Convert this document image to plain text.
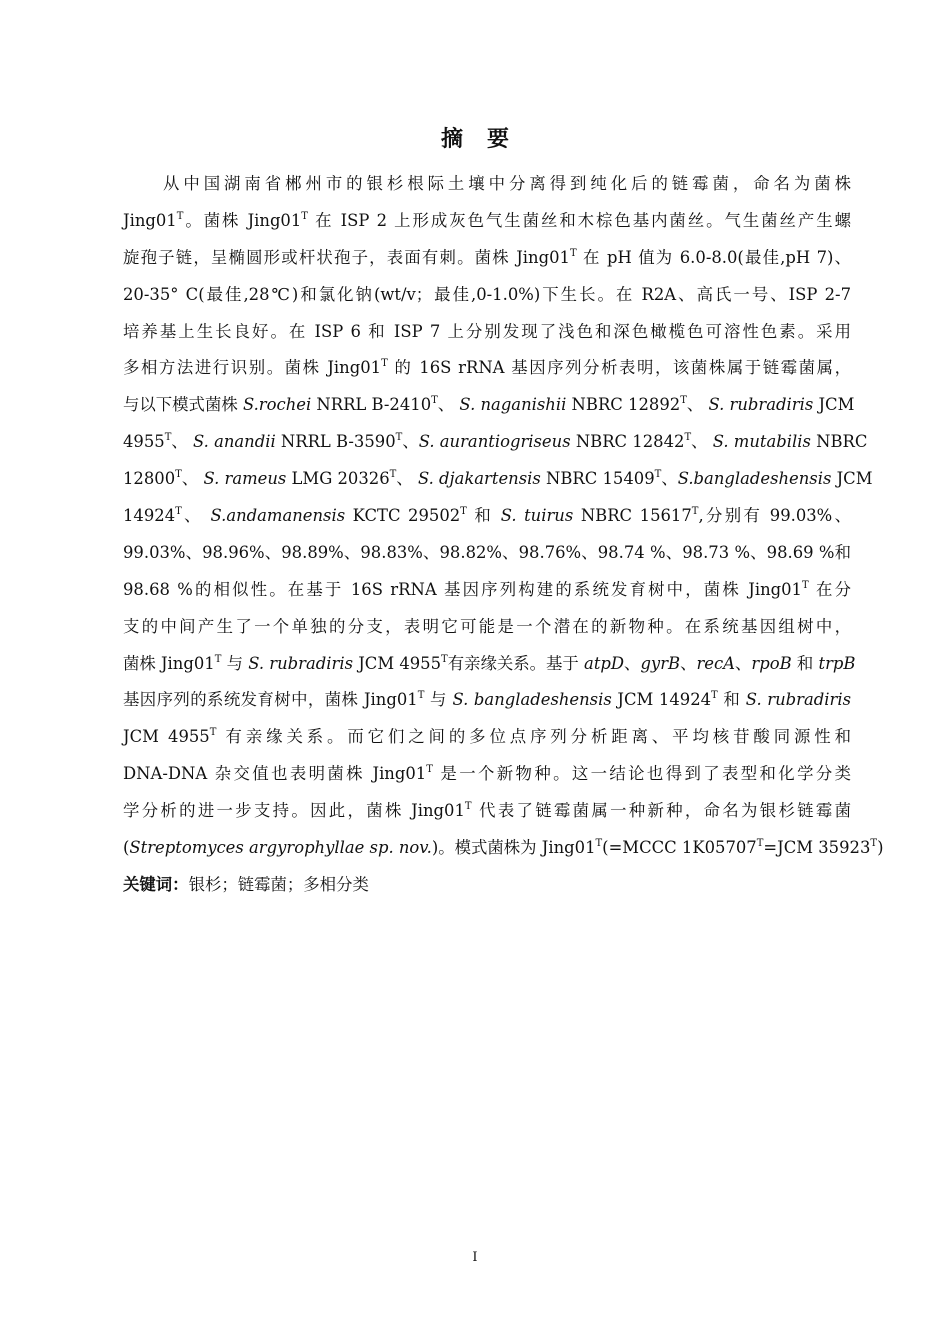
摘 要
从中国湖南省郴州市的银杉根际土壤中分离得到纯化后的链霉菌，命名为菌株
$Jing01^T$。菌株 $Jing01^T$ 在 ISP 2 上形成灰色气生菌丝和木棕色基内菌丝。气生菌丝产生螺
旋孢子链，呈椭圆形或杆状孢子，表面有刺。菌株 $Jing01^T$ 在 pH 值为 6.0-8.0(最佳,pH 7)、
20-35° C(最佳,28℃)和氯化钠(wt/v；最佳,0-1.0%)下生长。在 R2A、高氏一号、ISP 2-7
培养基上生长良好。在 ISP 6 和 ISP 7 上分别发现了浅色和深色橄榄色可溶性色素。采用
多相方法进行识别。菌株 $Jing01^T$ 的 16S rRNA 基因序列分析表明，该菌株属于链霉菌属，
与以下模式菌株 S.rochei NRRL $B-2410^T$、 S. naganishii NBRC $12892^T$、 S. rubradiris JCM
$4955^T$、 S. anandii NRRL $B-3590^T$、S. aurantiogriseus NBRC $12842^T$、 S. mutabilis NBRC
$12800^T$、 S. rameus LMG $20326^T$、 S. djakartensis NBRC $15409^T$、S.bangladeshensis JCM
$14924^T$、 S.andamanensis KCTC $29502^T$ 和 S. tuirus NBRC $15617^T$,分别有 99.03%、
99.03%、98.96%、98.89%、98.83%、98.82%、98.76%、98.74 %、98.73 %、98.69 %和
98.68 %的相似性。在基于 16S rRNA 基因序列构建的系统发育树中，菌株 $Jing01^T$ 在分
支的中间产生了一个单独的分支，表明它可能是一个潜在的新物种。在系统基因组树中，
菌株 $Jing01^T$ 与 S. rubradiris JCM $4955^T$有亲缘关系。基于 atpD、gyrB、recA、rpoB 和 trpB
基因序列的系统发育树中，菌株 $Jing01^T$ 与 S. bangladeshensis JCM $14924^T$ 和 S. rubradiris
JCM $4955^T$ 有亲缘关系。而它们之间的多位点序列分析距离、平均核苷酸同源性和
DNA-DNA 杂交值也表明菌株 $Jing01^T$ 是一个新物种。这一结论也得到了表型和化学分类
学分析的进一步支持。因此，菌株 $Jing01^T$ 代表了链霉菌属一种新种，命名为银杉链霉菌
(Streptomyces argyrophyllae sp. nov.)。模式菌株为 $Jing01^T(=MCCC$ $1K05707^T=JCM$ $35923^T$)
关键词：银杉；链霉菌；多相分类
I
